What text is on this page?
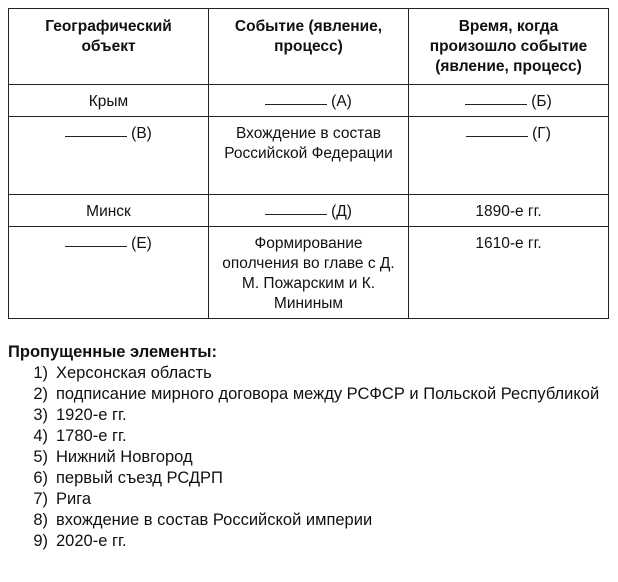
Географический объект	Событие (явление, процесс)	Время, когда произошло событие (явление, процесс)
Крым	(А)	(Б)
(В)	Вхождение в состав Российской Федерации	(Г)
Минск	(Д)	1890-е гг.
(Е)	Формирование ополчения во главе с Д. М. Пожарским и К. Мининым	1610-е гг.

Пропущенные элементы:

1) Херсонская область
2) подписание мирного договора между РСФСР и Польской Республикой
3) 1920-е гг.
4) 1780-е гг.
5) Нижний Новгород
6) первый съезд РСДРП
7) Рига
8) вхождение в состав Российской империи
9) 2020-е гг.
